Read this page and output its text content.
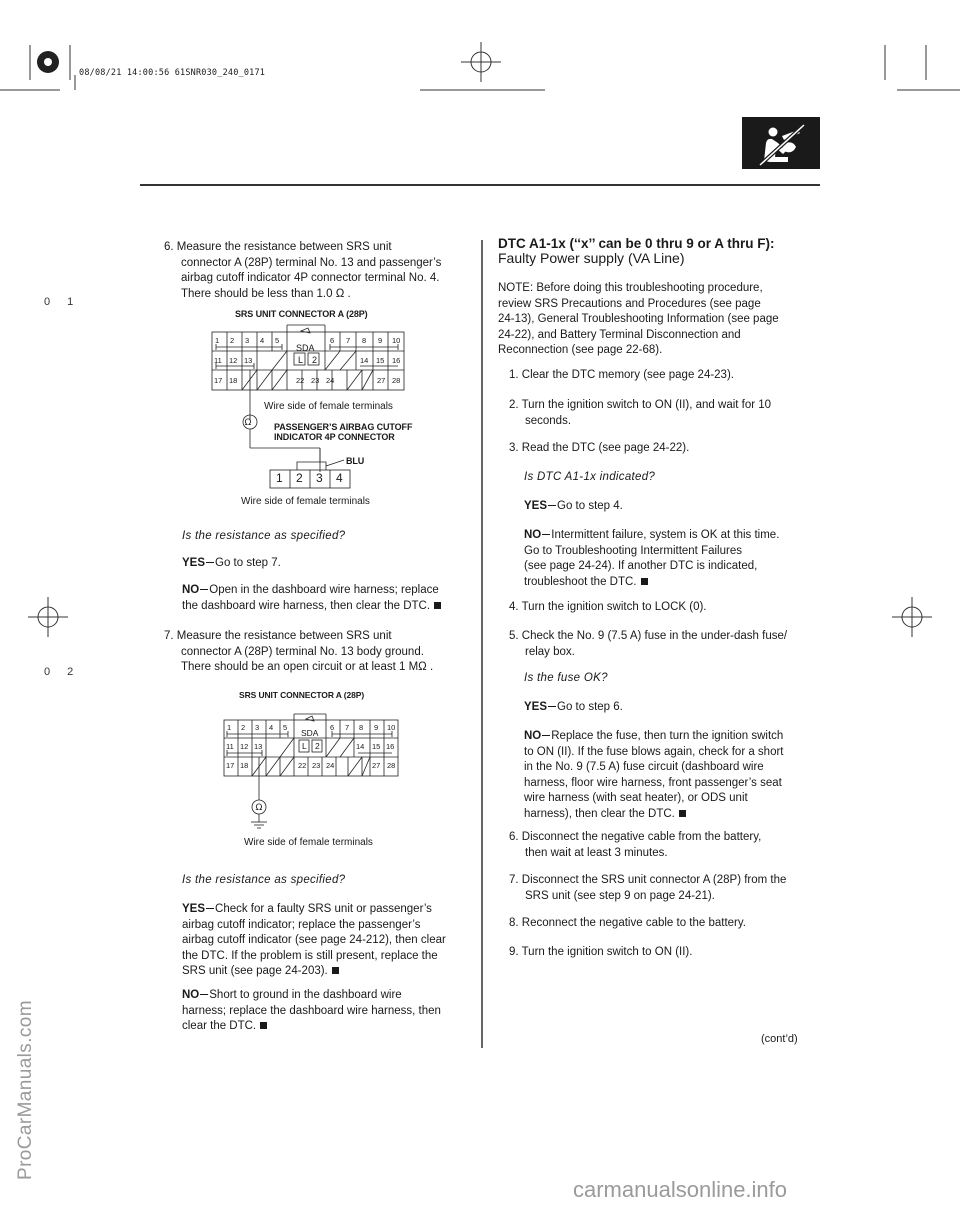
08/08/21 14:00:56 61SNR030_240_0171
0 1
0 2
ProCarManuals.com
carmanualsonline.info
6. Measure the resistance between SRS unit
connector A (28P) terminal No. 13 and passenger’s
airbag cutoff indicator 4P connector terminal No. 4.
There should be less than 1.0 Ω .
SRS UNIT CONNECTOR A (28P)
Ω
1 2 3 4 5
SDA
6 7 8 9 10
11 12 13	L 2	14 15 16
17 18	22 23 24	27 28
Wire side of female terminals
PASSENGER’S AIRBAG CUTOFF
INDICATOR 4P CONNECTOR
BLU
1 2 3 4
Wire side of female terminals
Is the resistance as specified?
YES Go to step 7.
NO Open in the dashboard wire harness; replace
the dashboard wire harness, then clear the DTC.
7. Measure the resistance between SRS unit
connector A (28P) terminal No. 13 body ground.
There should be an open circuit or at least 1 MΩ .
SRS UNIT CONNECTOR A (28P)
Ω
1 2 3 4 5
SDA
6 7 8 9 10
11 12 13	L 2	14 15 16
17 18	22 23 24	27 28
Wire side of female terminals
Is the resistance as specified?
YES Check for a faulty SRS unit or passenger’s
airbag cutoff indicator; replace the passenger’s
airbag cutoff indicator (see page 24-212), then clear
the DTC. If the problem is still present, replace the
SRS unit (see page 24-203).
NO Short to ground in the dashboard wire
harness; replace the dashboard wire harness, then
clear the DTC.
DTC A1-1x (‘‘x’’ can be 0 thru 9 or A thru F):
Faulty Power supply (VA Line)
NOTE: Before doing this troubleshooting procedure,
review SRS Precautions and Procedures (see page
24-13), General Troubleshooting Information (see page
24-22), and Battery Terminal Disconnection and
Reconnection (see page 22-68).
1. Clear the DTC memory (see page 24-23).
2. Turn the ignition switch to ON (II), and wait for 10
seconds.
3. Read the DTC (see page 24-22).
Is DTC A1-1x indicated?
YES Go to step 4.
NO Intermittent failure, system is OK at this time.
Go to Troubleshooting Intermittent Failures
(see page 24-24). If another DTC is indicated,
troubleshoot the DTC.
4. Turn the ignition switch to LOCK (0).
5. Check the No. 9 (7.5 A) fuse in the under-dash fuse/
relay box.
Is the fuse OK?
YES Go to step 6.
NO Replace the fuse, then turn the ignition switch
to ON (II). If the fuse blows again, check for a short
in the No. 9 (7.5 A) fuse circuit (dashboard wire
harness, floor wire harness, front passenger’s seat
wire harness (with seat heater), or ODS unit
harness), then clear the DTC.
6. Disconnect the negative cable from the battery,
then wait at least 3 minutes.
7. Disconnect the SRS unit connector A (28P) from the
SRS unit (see step 9 on page 24-21).
8. Reconnect the negative cable to the battery.
9. Turn the ignition switch to ON (II).
(cont’d)
